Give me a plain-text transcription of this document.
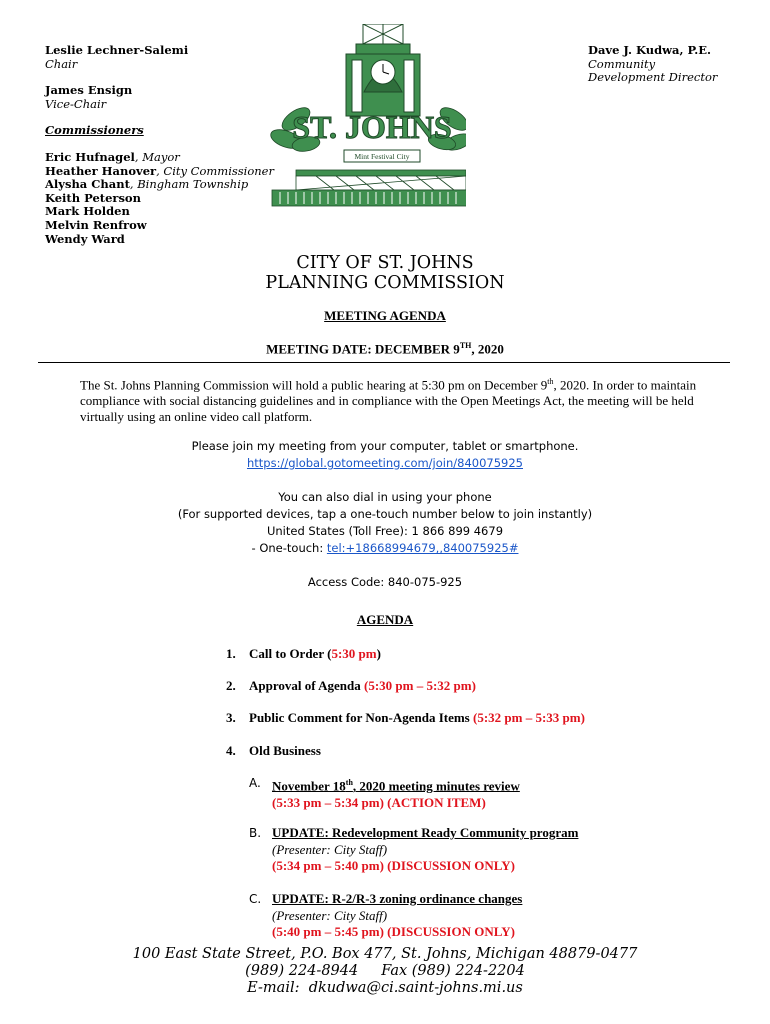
Leslie Lechner-Salemi
Chair
James Ensign
Vice-Chair
Commissioners
Eric Hufnagel, Mayor
Heather Hanover, City Commissioner
Alysha Chant, Bingham Township
Keith Peterson
Mark Holden
Melvin Renfrow
Wendy Ward
Dave J. Kudwa, P.E.
Community
Development Director
ST. JOHNS
Mint Festival City
CITY OF ST. JOHNS
PLANNING COMMISSION
MEETING AGENDA
MEETING DATE: DECEMBER 9TH, 2020
The St. Johns Planning Commission will hold a public hearing at 5:30 pm on December 9th, 2020. In order to maintain compliance with social distancing guidelines and in compliance with the Open Meetings Act, the meeting will be held virtually using an online video call platform.
Please join my meeting from your computer, tablet or smartphone.
https://global.gotomeeting.com/join/840075925
You can also dial in using your phone
(For supported devices, tap a one-touch number below to join instantly)
United States (Toll Free): 1 866 899 4679
- One-touch: tel:+18668994679,,840075925#
Access Code: 840-075-925
AGENDA
1. Call to Order (5:30 pm)
2. Approval of Agenda (5:30 pm – 5:32 pm)
3. Public Comment for Non-Agenda Items (5:32 pm – 5:33 pm)
4. Old Business
A. November 18th, 2020 meeting minutes review
(5:33 pm – 5:34 pm) (ACTION ITEM)
B. UPDATE: Redevelopment Ready Community program
(Presenter: City Staff)
(5:34 pm – 5:40 pm) (DISCUSSION ONLY)
C. UPDATE: R-2/R-3 zoning ordinance changes
(Presenter: City Staff)
(5:40 pm – 5:45 pm) (DISCUSSION ONLY)
100 East State Street, P.O. Box 477, St. Johns, Michigan 48879-0477
(989) 224-8944     Fax (989) 224-2204
E-mail:  dkudwa@ci.saint-johns.mi.us
